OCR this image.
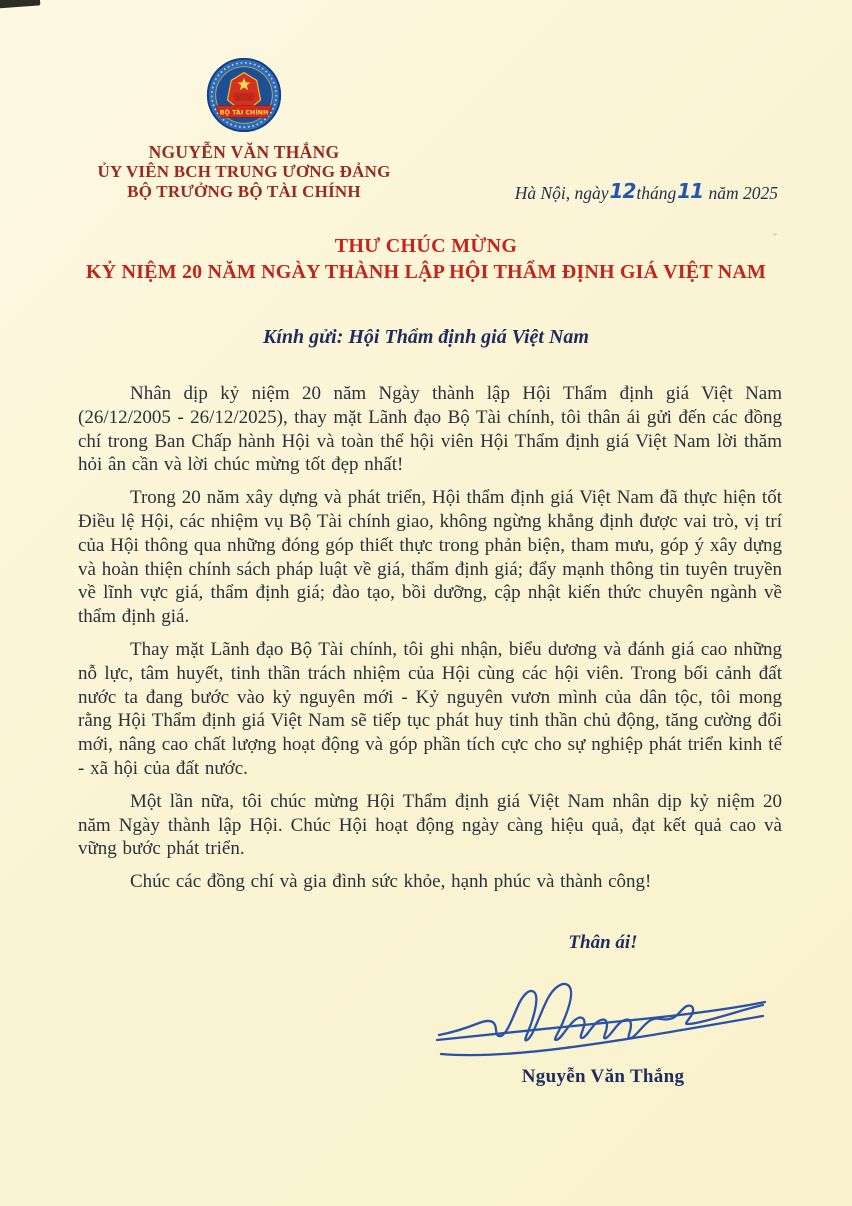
''
BỘ TÀI CHÍNH
NGUYỄN VĂN THẮNG
ỦY VIÊN BCH TRUNG ƯƠNG ĐẢNG
BỘ TRƯỞNG BỘ TÀI CHÍNH	Hà Nội, ngày12tháng11 năm 2025
THƯ CHÚC MỪNG
KỶ NIỆM 20 NĂM NGÀY THÀNH LẬP HỘI THẨM ĐỊNH GIÁ VIỆT NAM
Kính gửi: Hội Thẩm định giá Việt Nam

Nhân dịp kỷ niệm 20 năm Ngày thành lập Hội Thẩm định giá Việt Nam (26/12/2005 - 26/12/2025), thay mặt Lãnh đạo Bộ Tài chính, tôi thân ái gửi đến các đồng chí trong Ban Chấp hành Hội và toàn thể hội viên Hội Thẩm định giá Việt Nam lời thăm hỏi ân cần và lời chúc mừng tốt đẹp nhất!

Trong 20 năm xây dựng và phát triển, Hội thẩm định giá Việt Nam đã thực hiện tốt Điều lệ Hội, các nhiệm vụ Bộ Tài chính giao, không ngừng khẳng định được vai trò, vị trí của Hội thông qua những đóng góp thiết thực trong phản biện, tham mưu, góp ý xây dựng và hoàn thiện chính sách pháp luật về giá, thẩm định giá; đẩy mạnh thông tin tuyên truyền về lĩnh vực giá, thẩm định giá; đào tạo, bồi dưỡng, cập nhật kiến thức chuyên ngành về thẩm định giá.

Thay mặt Lãnh đạo Bộ Tài chính, tôi ghi nhận, biểu dương và đánh giá cao những nỗ lực, tâm huyết, tinh thần trách nhiệm của Hội cùng các hội viên. Trong bối cảnh đất nước ta đang bước vào kỷ nguyên mới - Kỷ nguyên vươn mình của dân tộc, tôi mong rằng Hội Thẩm định giá Việt Nam sẽ tiếp tục phát huy tinh thần chủ động, tăng cường đổi mới, nâng cao chất lượng hoạt động và góp phần tích cực cho sự nghiệp phát triển kinh tế - xã hội của đất nước.

Một lần nữa, tôi chúc mừng Hội Thẩm định giá Việt Nam nhân dịp kỷ niệm 20 năm Ngày thành lập Hội. Chúc Hội hoạt động ngày càng hiệu quả, đạt kết quả cao và vững bước phát triển.

Chúc các đồng chí và gia đình sức khỏe, hạnh phúc và thành công!

Thân ái!
Nguyễn Văn Thắng
